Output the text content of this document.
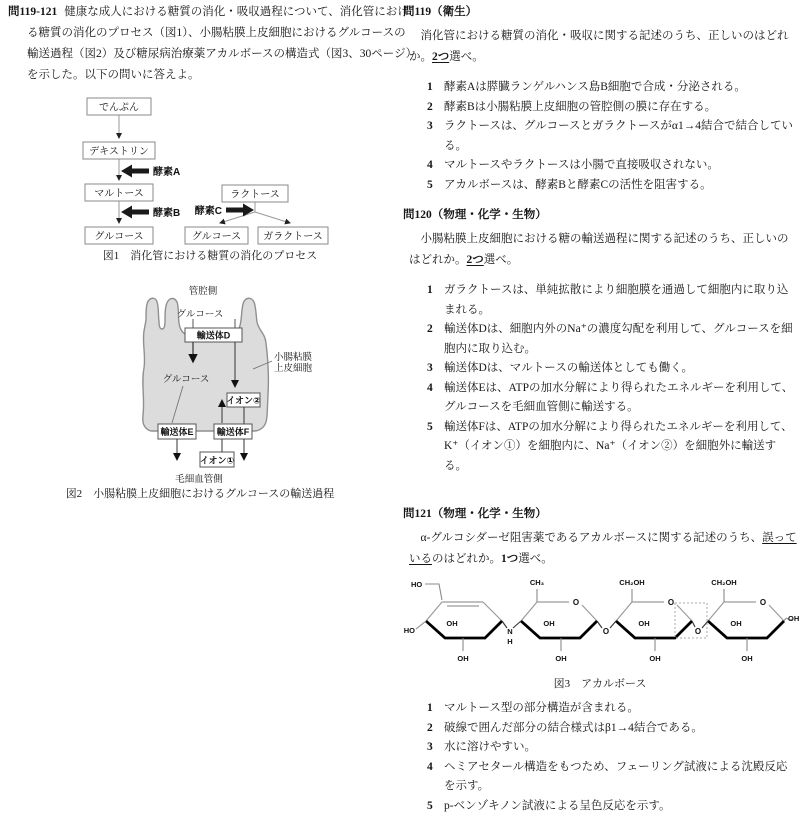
問119-121 健康な成人における糖質の消化・吸収過程について、消化管における糖質の消化のプロセス（図1）、小腸粘膜上皮細胞におけるグルコースの輸送過程（図2）及び糖尿病治療薬アカルボースの構造式（図3、30ページ）を示した。以下の問いに答えよ。

酵素A
酵素B 酵素C
でんぷん
デキストリン
マルトース
グルコース
ラクトース
グルコース ガラクトース
図1　消化管における糖質の消化のプロセス
管腔側
グルコース
輸送体D
小腸粘膜
上皮細胞
グルコース
イオン②
輸送体E	輸送体F
イオン①
毛細血管側
図2　小腸粘膜上皮細胞におけるグルコースの輸送過程
問119（衛生）

消化管における糖質の消化・吸収に関する記述のうち、正しいのはどれか。2つ選べ。

1 酵素Aは膵臓ランゲルハンス島B細胞で合成・分泌される。
2 酵素Bは小腸粘膜上皮細胞の管腔側の膜に存在する。
3 ラクトースは、グルコースとガラクトースがα1→4結合で結合している。
4 マルトースやラクトースは小腸で直接吸収されない。
5 アカルボースは、酵素Bと酵素Cの活性を阻害する。
問120（物理・化学・生物）

小腸粘膜上皮細胞における糖の輸送過程に関する記述のうち、正しいのはどれか。2つ選べ。

1 ガラクトースは、単純拡散により細胞膜を通過して細胞内に取り込まれる。
2 輸送体Dは、細胞内外のNa⁺の濃度勾配を利用して、グルコースを細胞内に取り込む。
3 輸送体Dは、マルトースの輸送体としても働く。
4 輸送体Eは、ATPの加水分解により得られたエネルギーを利用して、グルコースを毛細血管側に輸送する。
5 輸送体Fは、ATPの加水分解により得られたエネルギーを利用して、K⁺（イオン①）を細胞内に、Na⁺（イオン②）を細胞外に輸送する。
問121（物理・化学・生物）

α-グルコシダーゼ阻害薬であるアカルボースに関する記述のうち、誤っているのはどれか。1つ選べ。

HO
HO
OH
OH
N
H
CH₃
OH
OH
CH₂OH
OH
OH
CH₂OH
OH
OH
OH
O
O
O
O
O
図3　アカルボース
1 マルトース型の部分構造が含まれる。
2 破線で囲んだ部分の結合様式はβ1→4結合である。
3 水に溶けやすい。
4 ヘミアセタール構造をもつため、フェーリング試液による沈殿反応を示す。
5 p-ベンゾキノン試液による呈色反応を示す。
